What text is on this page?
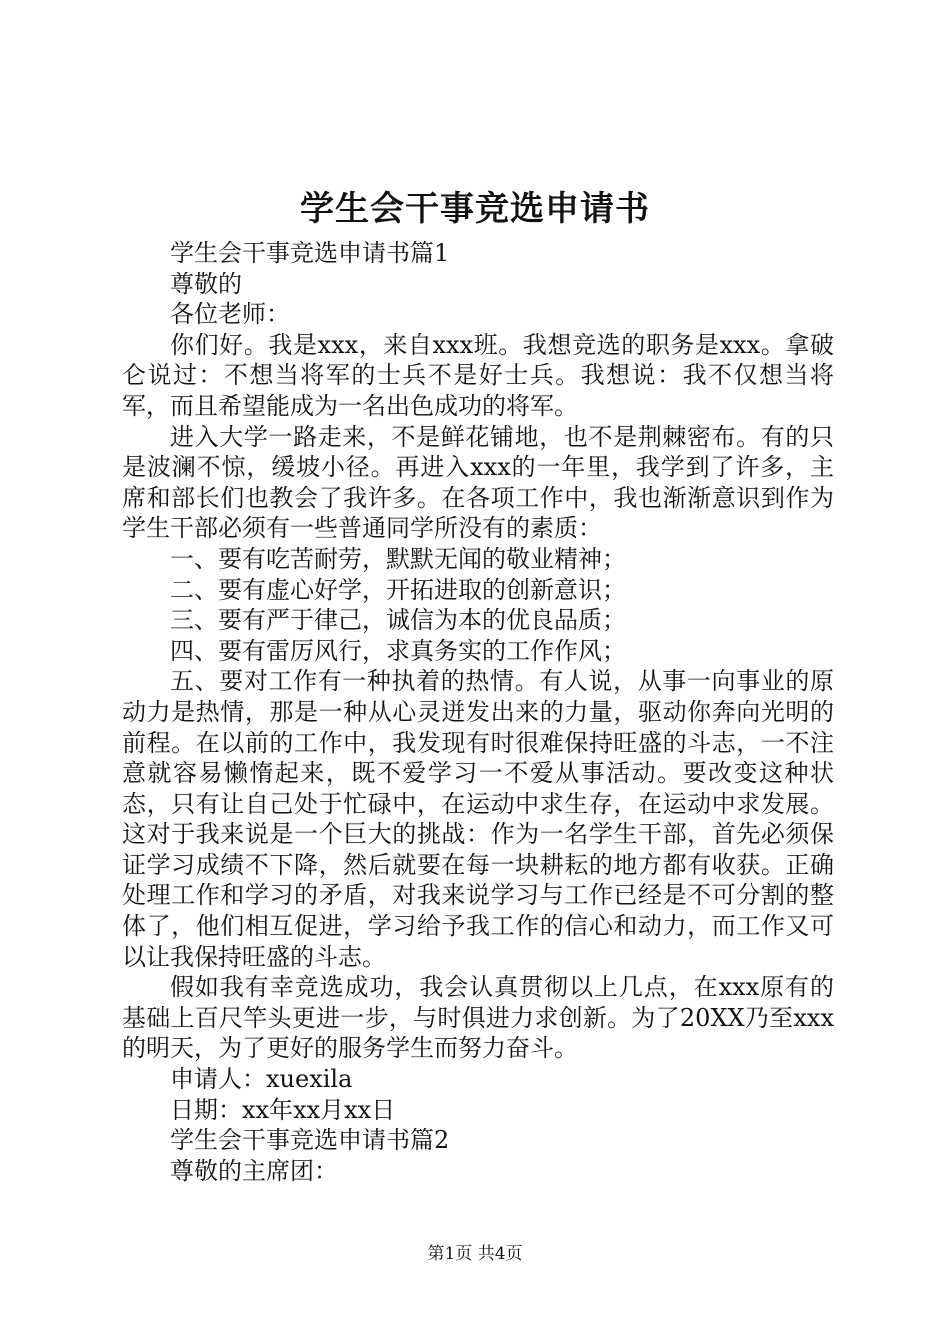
学生会干事竞选申请书

学生会干事竞选申请书篇1

尊敬的

各位老师：

你们好。我是xxx，来自xxx班。我想竞选的职务是xxx。拿破仑说过：不想当将军的士兵不是好士兵。我想说：我不仅想当将军，而且希望能成为一名出色成功的将军。

进入大学一路走来，不是鲜花铺地，也不是荆棘密布。有的只是波澜不惊，缓坡小径。再进入xxx的一年里，我学到了许多，主席和部长们也教会了我许多。在各项工作中，我也渐渐意识到作为学生干部必须有一些普通同学所没有的素质：

一、要有吃苦耐劳，默默无闻的敬业精神；

二、要有虚心好学，开拓进取的创新意识；

三、要有严于律己，诚信为本的优良品质；

四、要有雷厉风行，求真务实的工作作风；

五、要对工作有一种执着的热情。有人说，从事一向事业的原动力是热情，那是一种从心灵迸发出来的力量，驱动你奔向光明的前程。在以前的工作中，我发现有时很难保持旺盛的斗志，一不注意就容易懒惰起来，既不爱学习一不爱从事活动。要改变这种状态，只有让自己处于忙碌中，在运动中求生存，在运动中求发展。这对于我来说是一个巨大的挑战：作为一名学生干部，首先必须保证学习成绩不下降，然后就要在每一块耕耘的地方都有收获。正确处理工作和学习的矛盾，对我来说学习与工作已经是不可分割的整体了，他们相互促进，学习给予我工作的信心和动力，而工作又可以让我保持旺盛的斗志。

假如我有幸竞选成功，我会认真贯彻以上几点，在xxx原有的基础上百尺竿头更进一步，与时俱进力求创新。为了20XX乃至xxx的明天，为了更好的服务学生而努力奋斗。

申请人：xuexila

日期：xx年xx月xx日

学生会干事竞选申请书篇2

尊敬的主席团：

第1页 共4页
